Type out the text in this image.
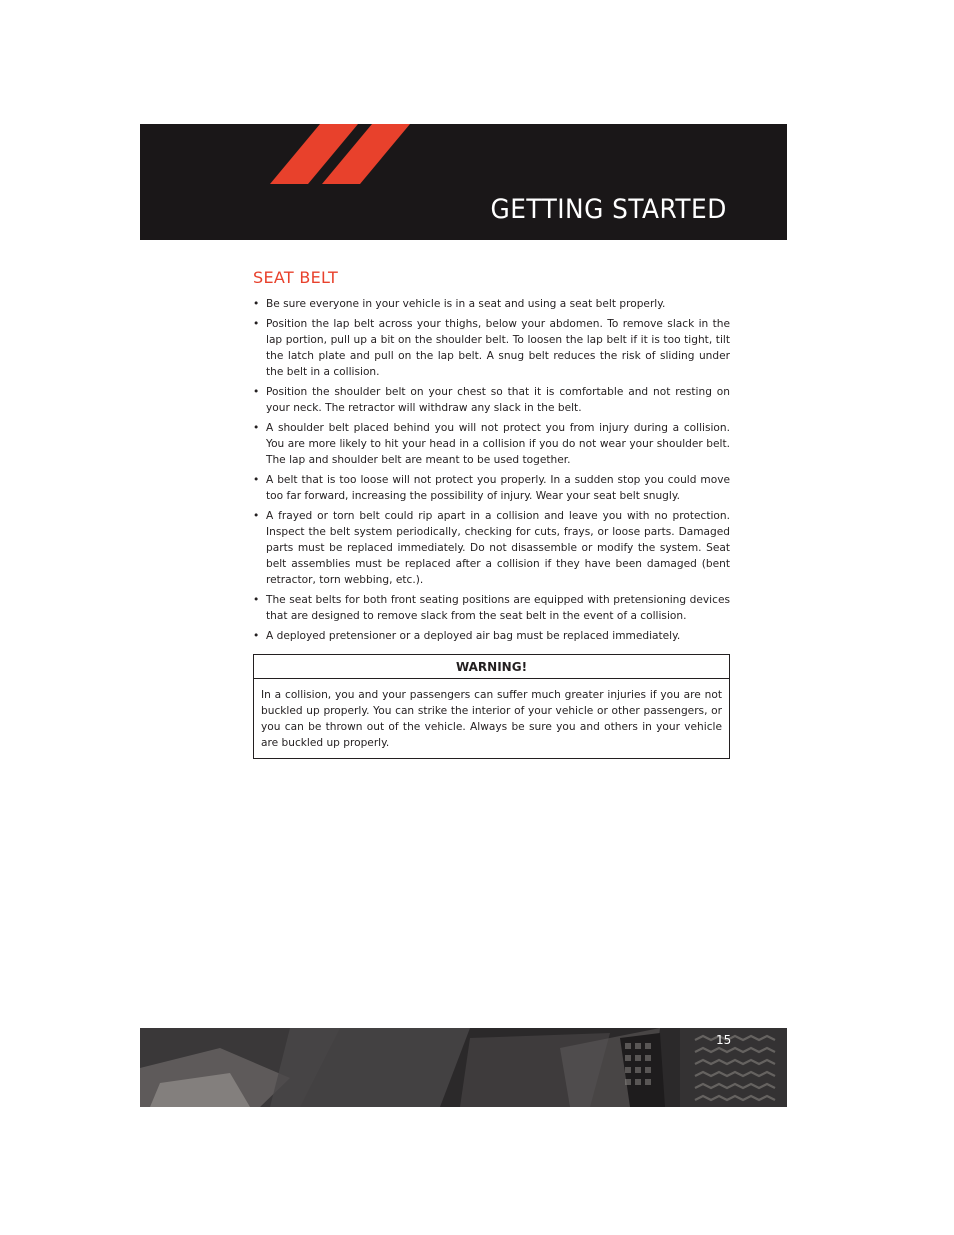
GETTING STARTED
SEAT BELT
• Be sure everyone in your vehicle is in a seat and using a seat belt properly.
• Position the lap belt across your thighs, below your abdomen. To remove slack in the lap portion, pull up a bit on the shoulder belt. To loosen the lap belt if it is too tight, tilt the latch plate and pull on the lap belt. A snug belt reduces the risk of sliding under the belt in a collision.
• Position the shoulder belt on your chest so that it is comfortable and not resting on your neck. The retractor will withdraw any slack in the belt.
• A shoulder belt placed behind you will not protect you from injury during a collision. You are more likely to hit your head in a collision if you do not wear your shoulder belt. The lap and shoulder belt are meant to be used together.
• A belt that is too loose will not protect you properly. In a sudden stop you could move too far forward, increasing the possibility of injury. Wear your seat belt snugly.
• A frayed or torn belt could rip apart in a collision and leave you with no protection. Inspect the belt system periodically, checking for cuts, frays, or loose parts. Damaged parts must be replaced immediately. Do not disassemble or modify the system. Seat belt assemblies must be replaced after a collision if they have been damaged (bent retractor, torn webbing, etc.).
• The seat belts for both front seating positions are equipped with pretensioning devices that are designed to remove slack from the seat belt in the event of a collision.
• A deployed pretensioner or a deployed air bag must be replaced immediately.
WARNING!
In a collision, you and your passengers can suffer much greater injuries if you are not buckled up properly. You can strike the interior of your vehicle or other passengers, or you can be thrown out of the vehicle. Always be sure you and others in your vehicle are buckled up properly.
15
